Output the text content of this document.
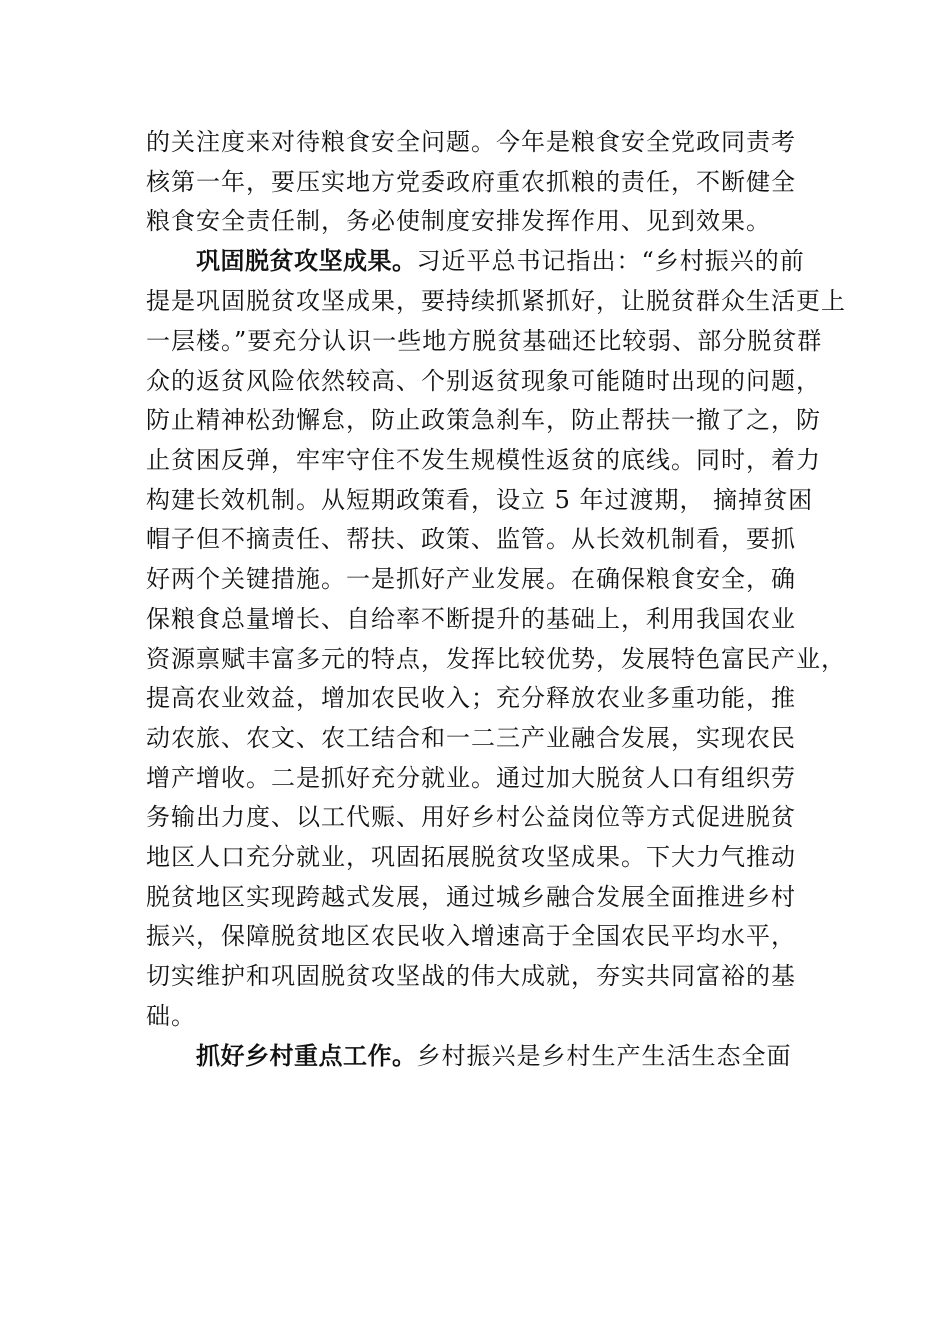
的关注度来对待粮食安全问题。今年是粮食安全党政同责考
核第一年，要压实地方党委政府重农抓粮的责任，不断健全
粮食安全责任制，务必使制度安排发挥作用、见到效果。
巩固脱贫攻坚成果。习近平总书记指出：“乡村振兴的前
提是巩固脱贫攻坚成果，要持续抓紧抓好，让脱贫群众生活更上
一层楼。”要充分认识一些地方脱贫基础还比较弱、部分脱贫群
众的返贫风险依然较高、个别返贫现象可能随时出现的问题，
防止精神松劲懈怠，防止政策急刹车，防止帮扶一撤了之，防
止贫困反弹，牢牢守住不发生规模性返贫的底线。同时，着力
构建长效机制。从短期政策看，设立 5 年过渡期， 摘掉贫困
帽子但不摘责任、帮扶、政策、监管。从长效机制看，要抓
好两个关键措施。一是抓好产业发展。在确保粮食安全，确
保粮食总量增长、自给率不断提升的基础上，利用我国农业
资源禀赋丰富多元的特点，发挥比较优势，发展特色富民产业，
提高农业效益，增加农民收入；充分释放农业多重功能，推
动农旅、农文、农工结合和一二三产业融合发展，实现农民
增产增收。二是抓好充分就业。通过加大脱贫人口有组织劳
务输出力度、以工代赈、用好乡村公益岗位等方式促进脱贫
地区人口充分就业，巩固拓展脱贫攻坚成果。下大力气推动
脱贫地区实现跨越式发展，通过城乡融合发展全面推进乡村
振兴，保障脱贫地区农民收入增速高于全国农民平均水平，
切实维护和巩固脱贫攻坚战的伟大成就，夯实共同富裕的基
础。
抓好乡村重点工作。乡村振兴是乡村生产生活生态全面
